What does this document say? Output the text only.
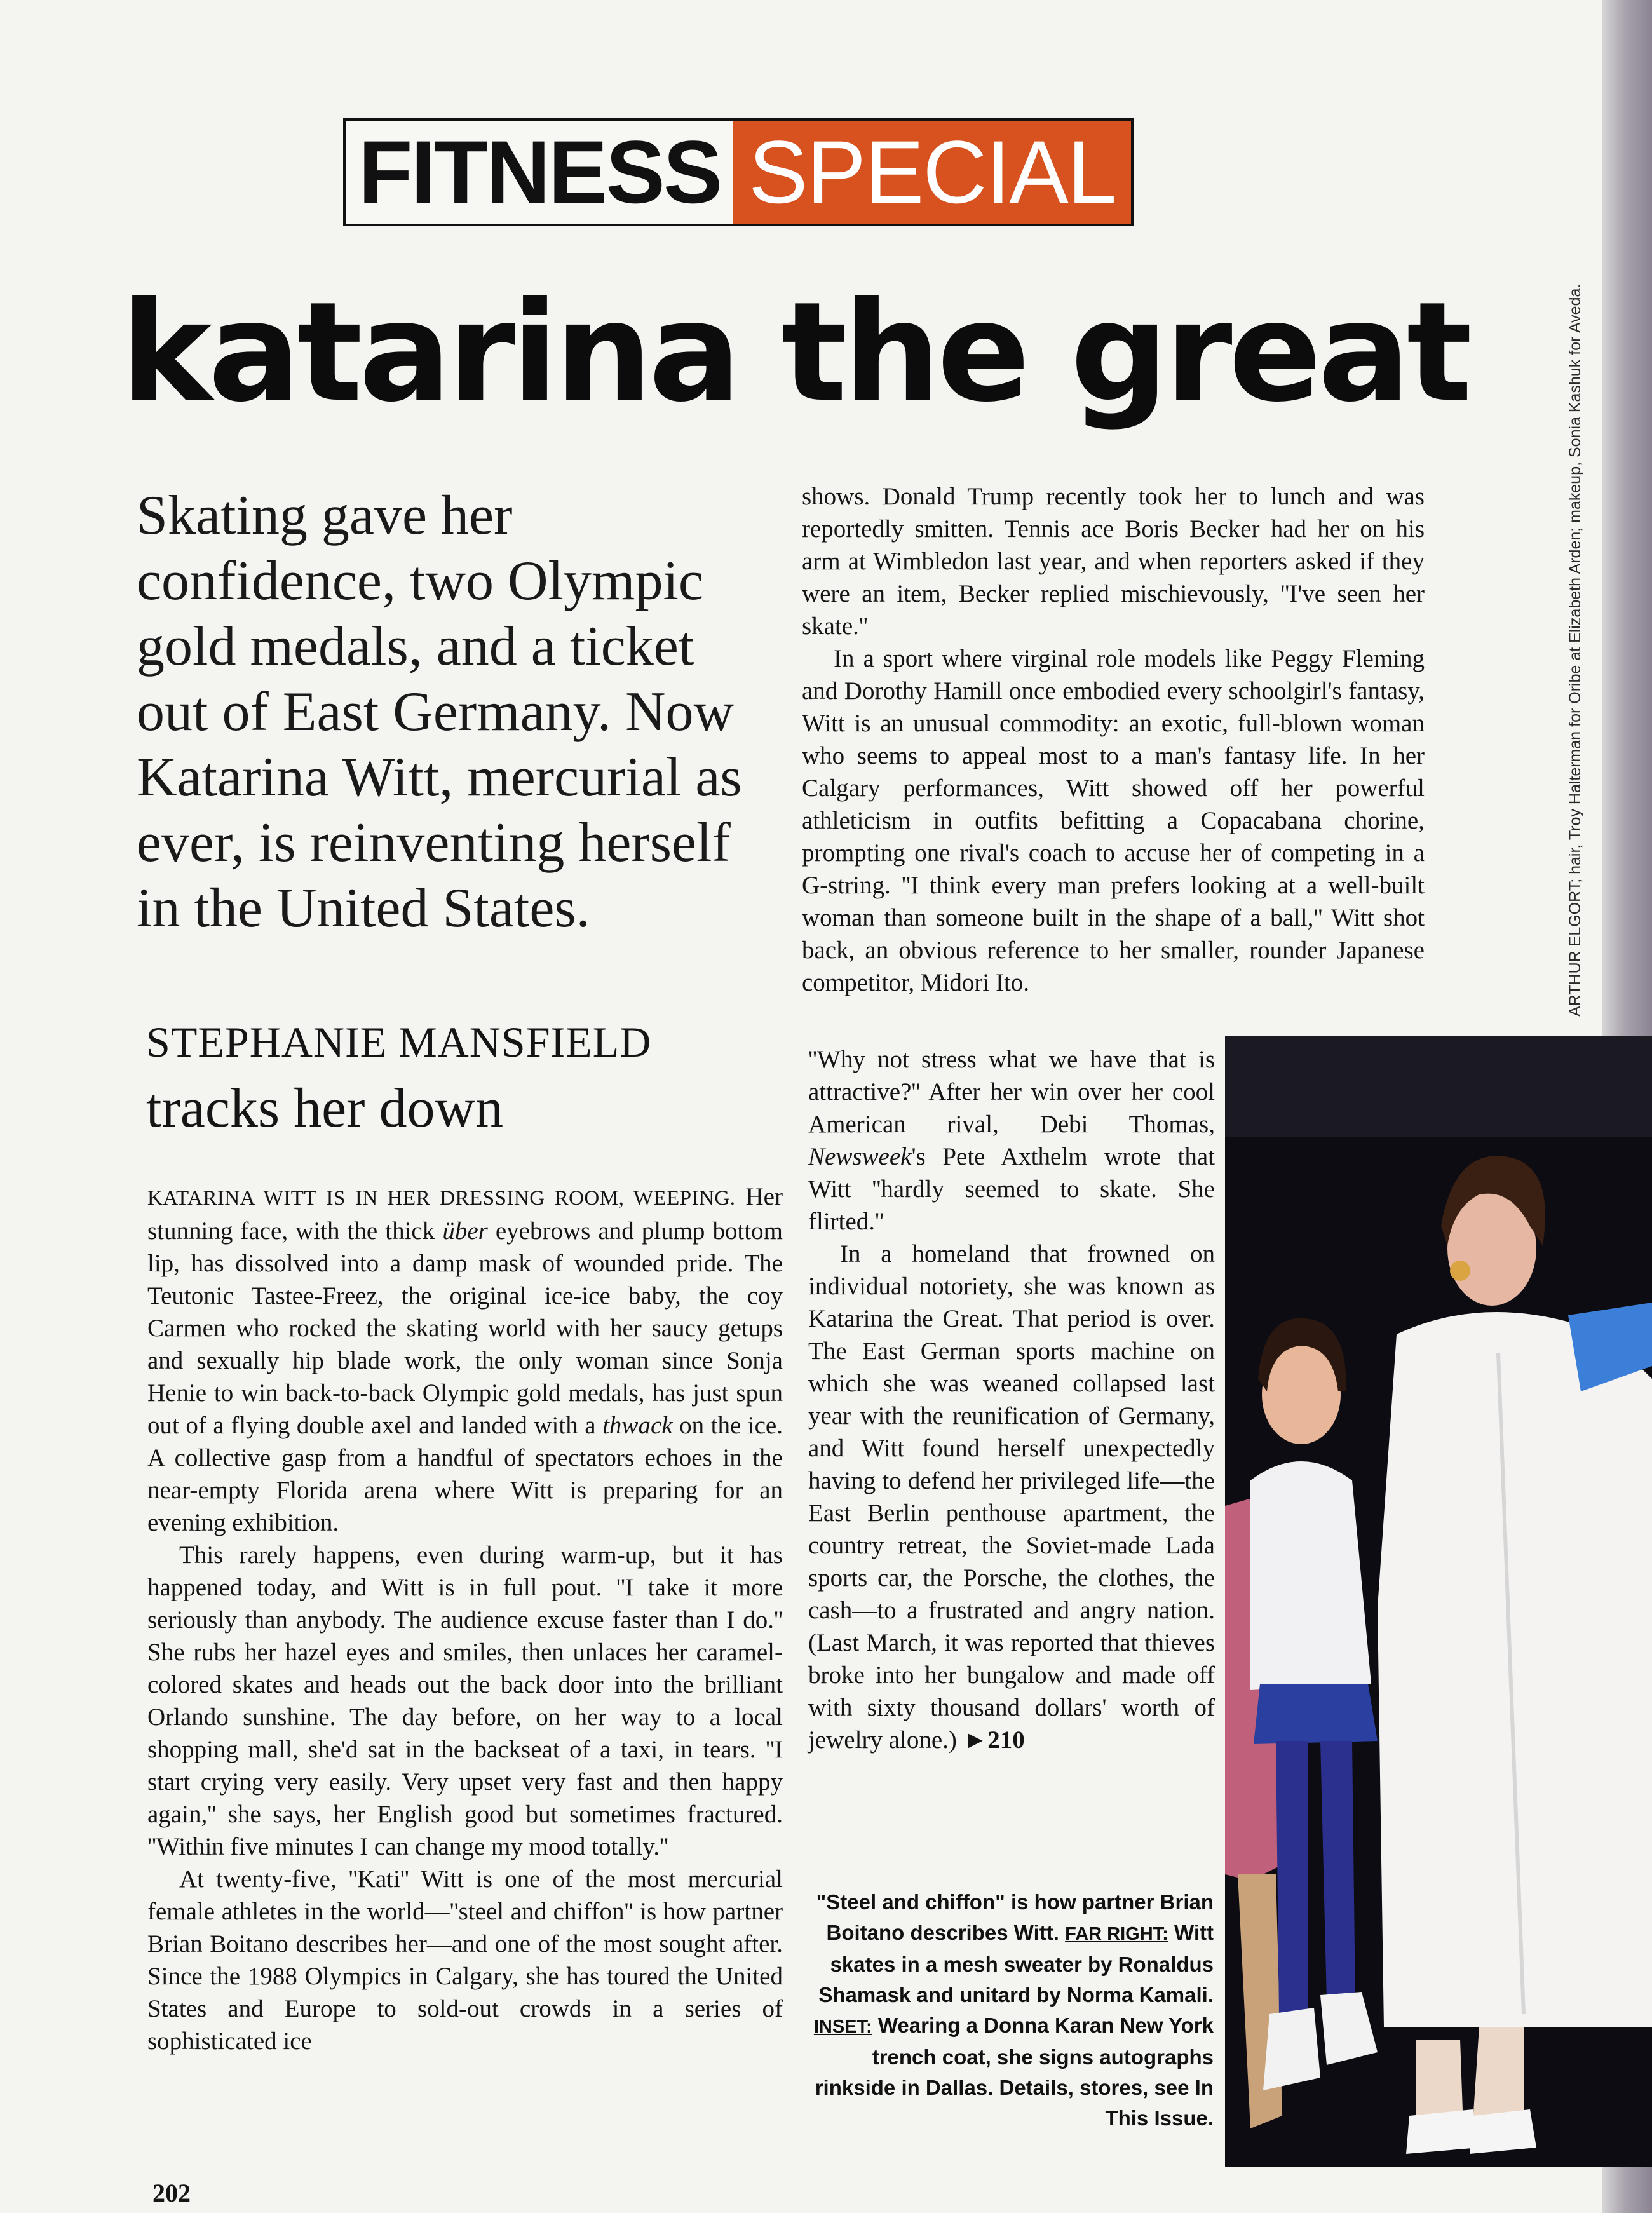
FITNESS SPECIAL
katarina the great
Skating gave her confidence, two Olympic gold medals, and a ticket out of East Germany. Now Katarina Witt, mercurial as ever, is reinventing herself in the United States.
STEPHANIE MANSFIELD
tracks her down

KATARINA WITT IS IN HER DRESSING ROOM, WEEPING. Her stunning face, with the thick über eyebrows and plump bottom lip, has dissolved into a damp mask of wounded pride. The Teutonic Tastee-Freez, the original ice-ice baby, the coy Carmen who rocked the skating world with her saucy getups and sexually hip blade work, the only woman since Sonja Henie to win back-to-back Olympic gold medals, has just spun out of a flying double axel and landed with a thwack on the ice. A collective gasp from a handful of spectators echoes in the near-empty Florida arena where Witt is preparing for an evening exhibition.

This rarely happens, even during warm-up, but it has happened today, and Witt is in full pout. ''I take it more seriously than anybody. The audience excuse faster than I do.'' She rubs her hazel eyes and smiles, then unlaces her caramel-colored skates and heads out the back door into the brilliant Orlando sunshine. The day before, on her way to a local shopping mall, she'd sat in the backseat of a taxi, in tears. ''I start crying very easily. Very upset very fast and then happy again,'' she says, her English good but sometimes fractured. ''Within five minutes I can change my mood totally.''

At twenty-five, ''Kati'' Witt is one of the most mercurial female athletes in the world—''steel and chiffon'' is how partner Brian Boitano describes her—and one of the most sought after. Since the 1988 Olympics in Calgary, she has toured the United States and Europe to sold-out crowds in a series of sophisticated ice

shows. Donald Trump recently took her to lunch and was reportedly smitten. Tennis ace Boris Becker had her on his arm at Wimbledon last year, and when reporters asked if they were an item, Becker replied mischievously, ''I've seen her skate.''

In a sport where virginal role models like Peggy Fleming and Dorothy Hamill once embodied every schoolgirl's fantasy, Witt is an unusual commodity: an exotic, full-blown woman who seems to appeal most to a man's fantasy life. In her Calgary performances, Witt showed off her powerful athleticism in outfits befitting a Copacabana chorine, prompting one rival's coach to accuse her of competing in a G-string. ''I think every man prefers looking at a well-built woman than someone built in the shape of a ball,'' Witt shot back, an obvious reference to her smaller, rounder Japanese competitor, Midori Ito.

''Why not stress what we have that is attractive?'' After her win over her cool American rival, Debi Thomas, Newsweek's Pete Axthelm wrote that Witt ''hardly seemed to skate. She flirted.''

In a homeland that frowned on individual notoriety, she was known as Katarina the Great. That period is over. The East German sports machine on which she was weaned collapsed last year with the reunification of Germany, and Witt found herself unexpectedly having to defend her privileged life—the East Berlin penthouse apartment, the country retreat, the Soviet-made Lada sports car, the Porsche, the clothes, the cash—to a frustrated and angry nation. (Last March, it was reported that thieves broke into her bungalow and made off with sixty thousand dollars' worth of jewelry alone.) ►210

"Steel and chiffon" is how partner Brian Boitano describes Witt. FAR RIGHT: Witt skates in a mesh sweater by Ronaldus Shamask and unitard by Norma Kamali. INSET: Wearing a Donna Karan New York trench coat, she signs autographs rinkside in Dallas. Details, stores, see In This Issue.
ARTHUR ELGORT; hair, Troy Halterman for Oribe at Elizabeth Arden; makeup, Sonia Kashuk for Aveda.
202
